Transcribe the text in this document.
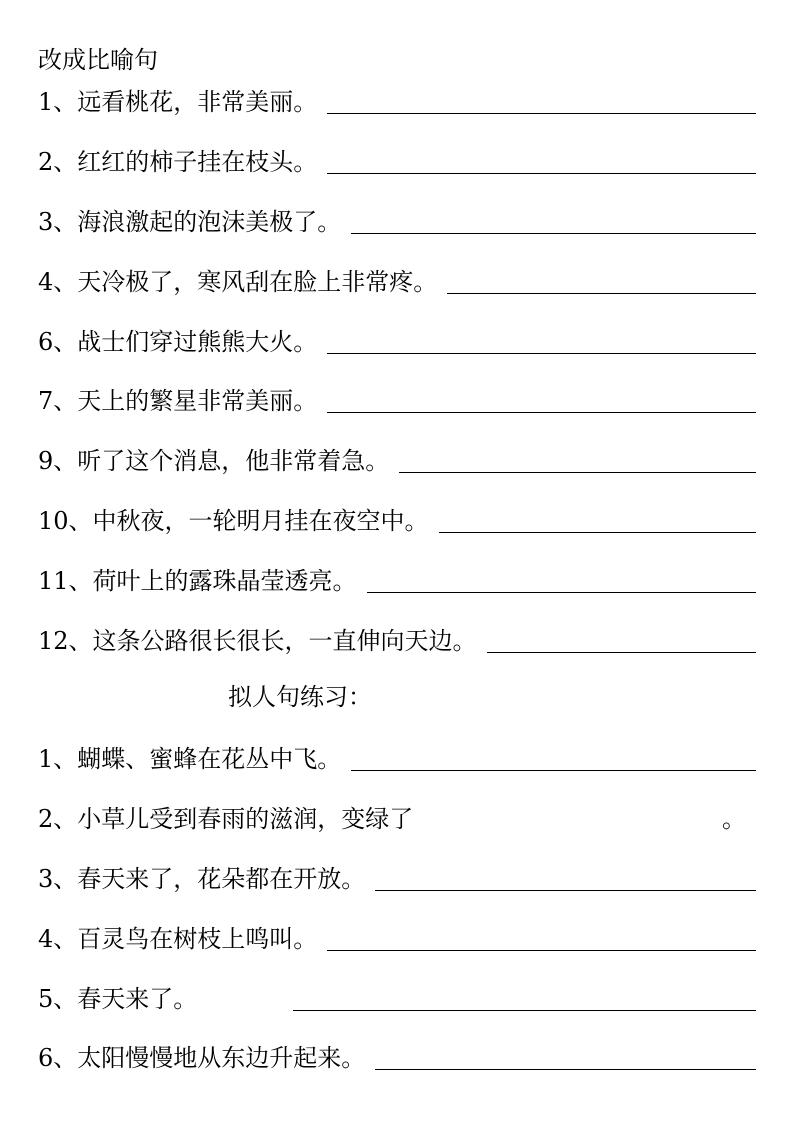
改成比喻句
1、远看桃花，非常美丽。
2、红红的柿子挂在枝头。
3、海浪激起的泡沫美极了。
4、天冷极了，寒风刮在脸上非常疼。
6、战士们穿过熊熊大火。
7、天上的繁星非常美丽。
9、听了这个消息，他非常着急。
10、中秋夜，一轮明月挂在夜空中。
11、荷叶上的露珠晶莹透亮。
12、这条公路很长很长，一直伸向天边。
拟人句练习：
1、蝴蝶、蜜蜂在花丛中飞。
2、小草儿受到春雨的滋润，变绿了	。
3、春天来了，花朵都在开放。
4、百灵鸟在树枝上鸣叫。
5、春天来了。
6、太阳慢慢地从东边升起来。
